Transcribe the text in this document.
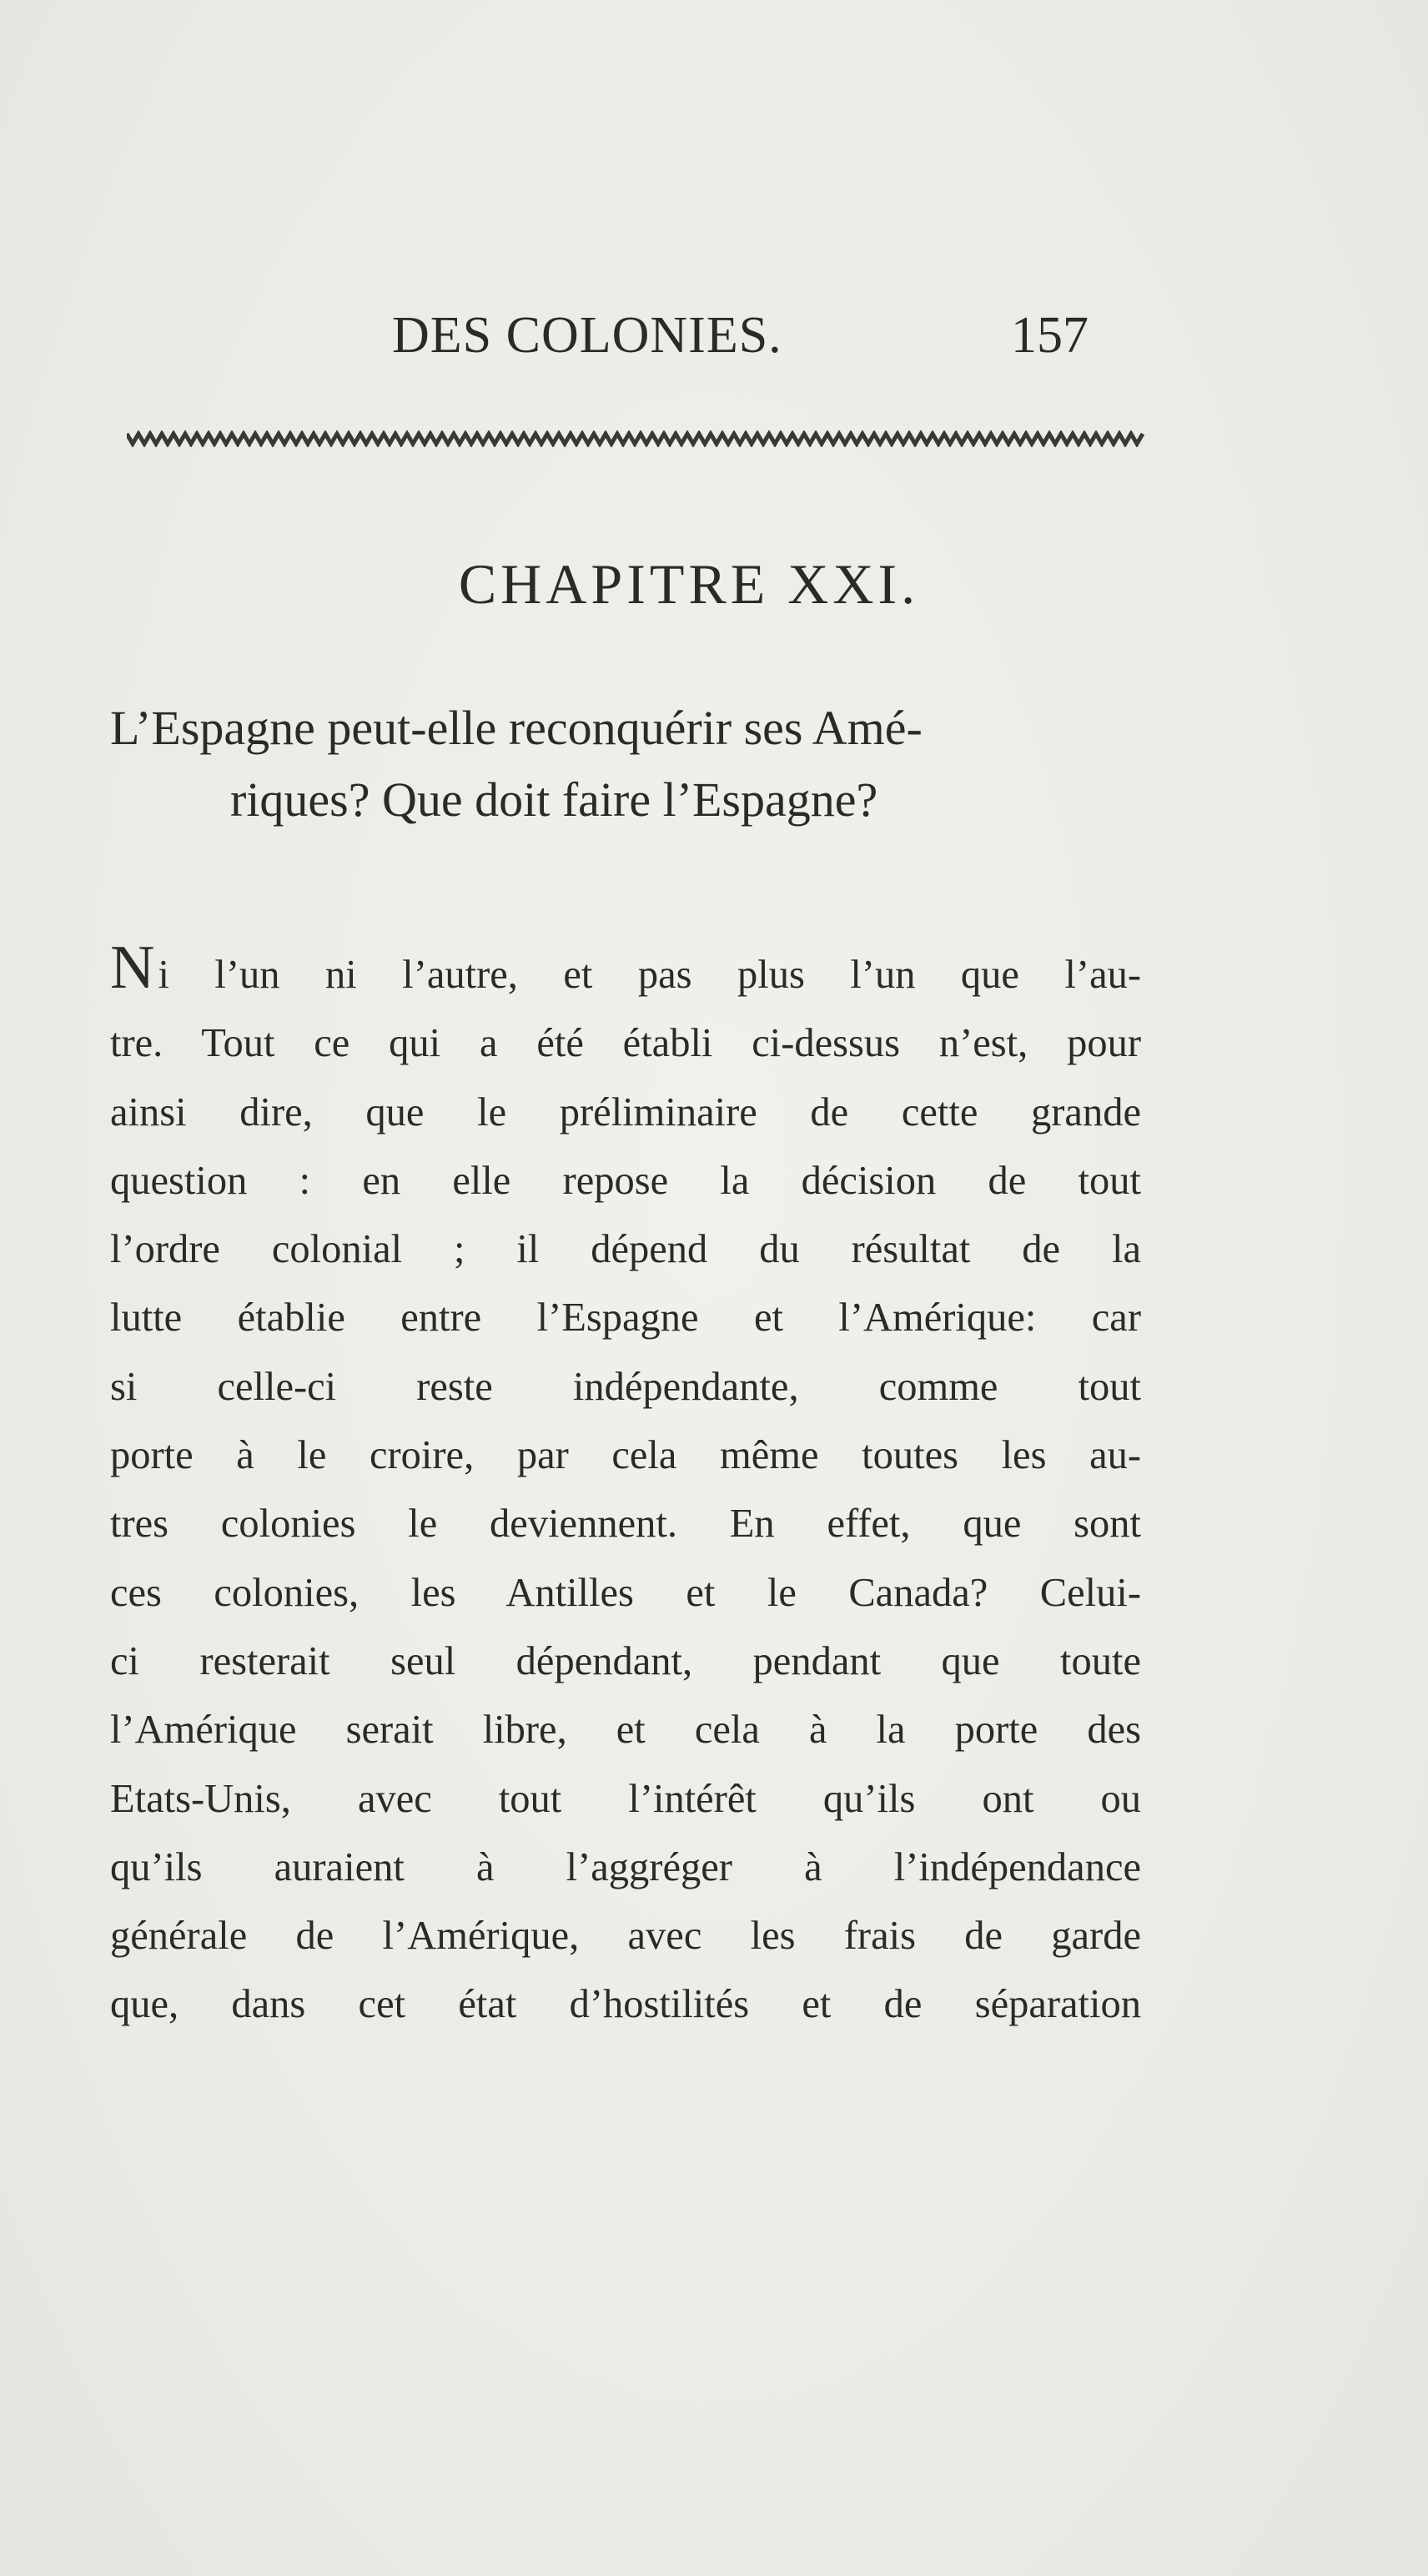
DES COLONIES.	157
CHAPITRE XXI.
L’Espagne peut-elle reconquérir ses Amé-
riques? Que doit faire l’Espagne?
Ni l’un ni l’autre, et pas plus l’un que l’au-
tre. Tout ce qui a été établi ci-dessus n’est, pour
ainsi dire, que le préliminaire de cette grande
question : en elle repose la décision de tout
l’ordre colonial ; il dépend du résultat de la
lutte établie entre l’Espagne et l’Amérique: car
si celle-ci reste indépendante, comme tout
porte à le croire, par cela même toutes les au-
tres colonies le deviennent. En effet, que sont
ces colonies, les Antilles et le Canada? Celui-
ci resterait seul dépendant, pendant que toute
l’Amérique serait libre, et cela à la porte des
Etats-Unis, avec tout l’intérêt qu’ils ont ou
qu’ils auraient à l’aggréger à l’indépendance
générale de l’Amérique, avec les frais de garde
que, dans cet état d’hostilités et de séparation
